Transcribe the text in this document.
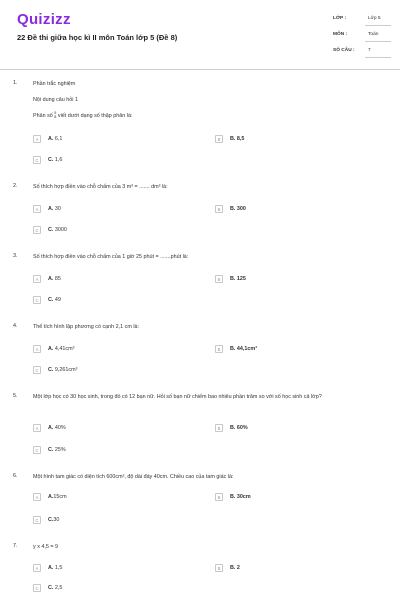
Quizizz
22 Đề thi giữa học kì II môn Toán lớp 5 (Đề 8)
LỚP :	Lớp 5
MÔN :	Toán
SỐ CÂU :	7
1.	Phần trắc nghiệm
Nội dung câu hỏi 1
Phân số 5
8 viết dưới dạng số thập phân là:
A	A. 6,1	B	B. 8,5
C	C. 1,6
2.	Số thích hợp điền vào chỗ chấm của 3 m³ = ....... dm³ là:
A	A. 30	B	B. 300
C	C. 3000
3.	Số thích hợp điền vào chỗ chấm của 1 giờ 25 phút = .......phút là:
A	A. 85	B	B. 125
C	C. 49
4.	Thể tích hình lập phương có cạnh 2,1 cm là:
A	A. 4,41cm³	B	B. 44,1cm³
C	C. 9,261cm³
5.	Một lớp học có 30 học sinh, trong đó có 12 bạn nữ. Hỏi số bạn nữ chiếm bao nhiêu phần trăm so với số học sinh cả lớp?
A	A. 40%	B	B. 60%
C	C. 25%
6.	Một hình tam giác có diện tích 600cm², độ dài đáy 40cm. Chiều cao của tam giác là:
A	A.15cm	B	B. 30cm
C	C.30
7.	y x 4,5 = 9
A	A. 1,5	B	B. 2
C	C. 2,5
